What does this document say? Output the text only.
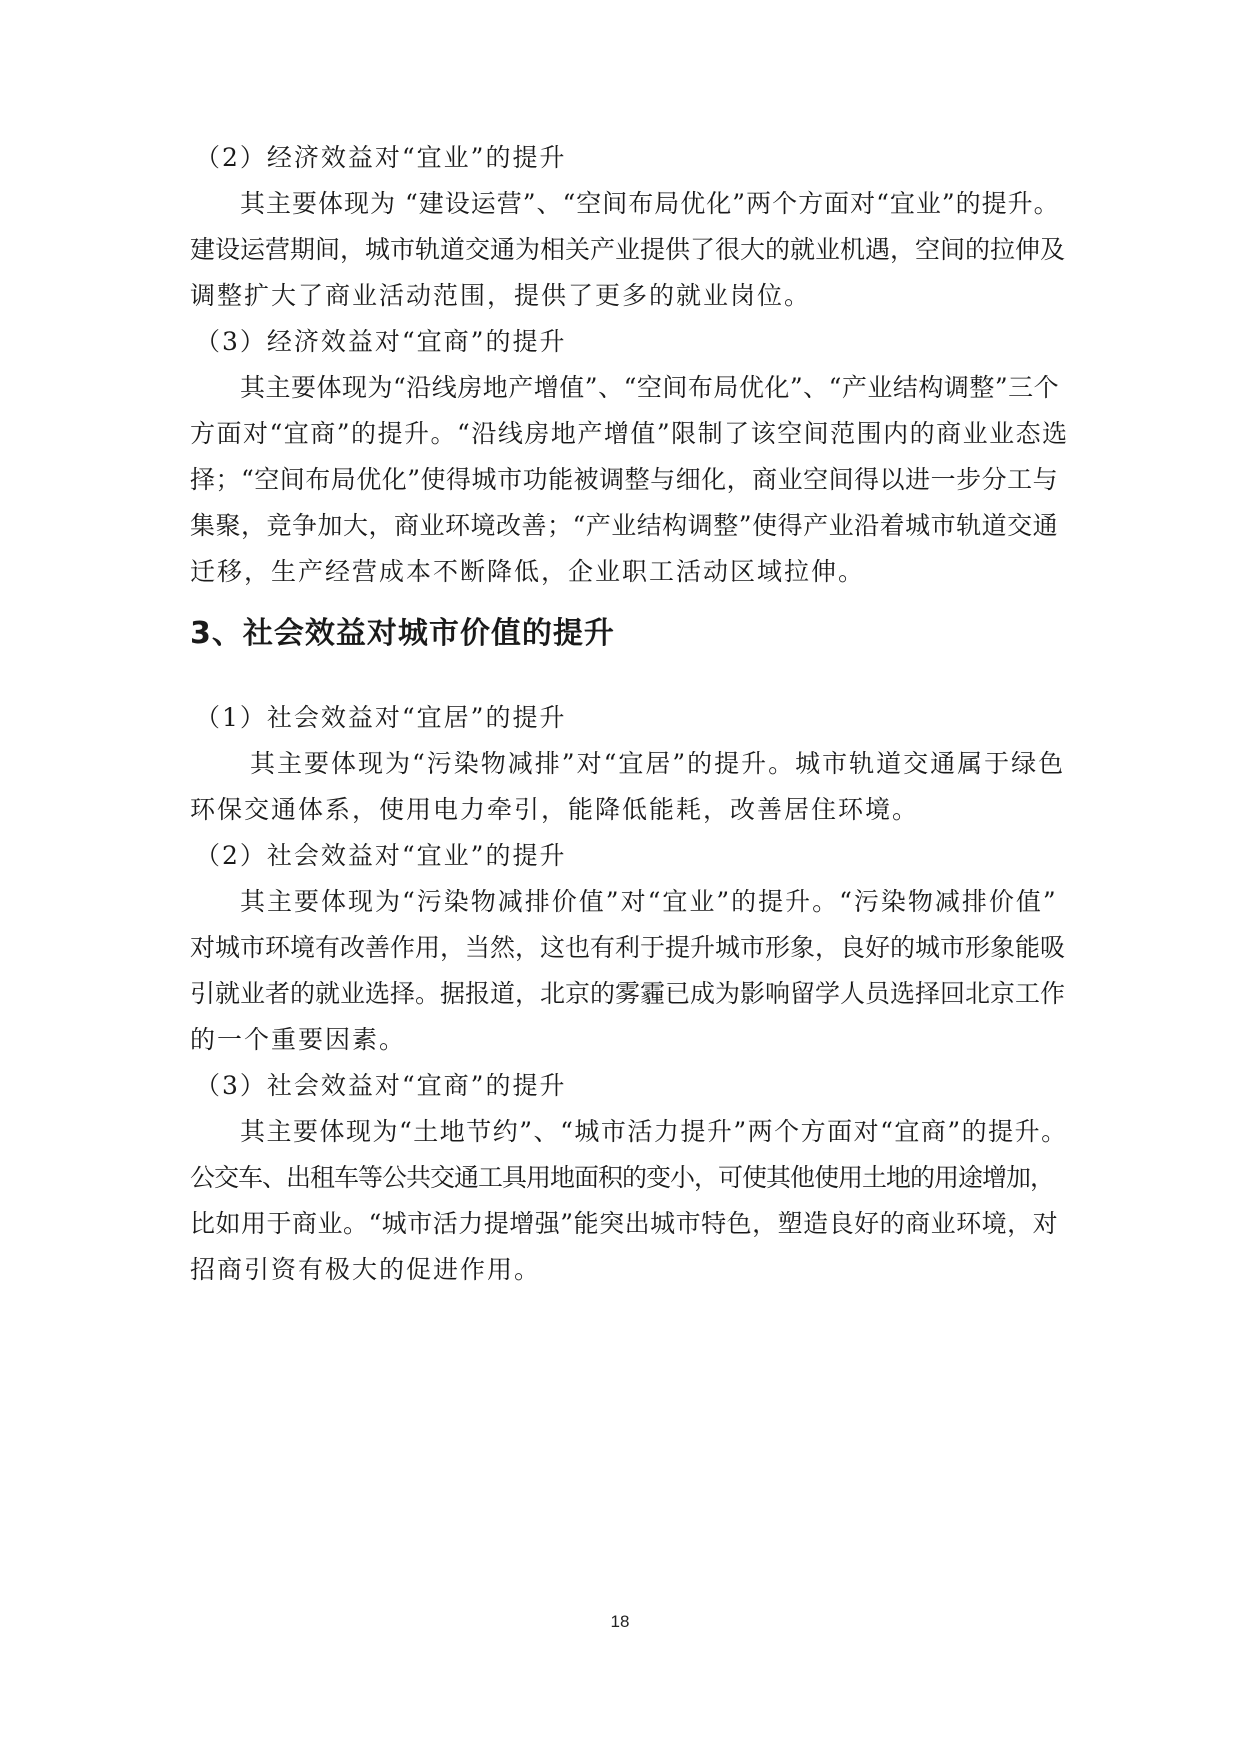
（2）经济效益对“宜业”的提升
其主要体现为 “建设运营”、“空间布局优化”两个方面对“宜业”的提升。
建设运营期间，城市轨道交通为相关产业提供了很大的就业机遇，空间的拉伸及
调整扩大了商业活动范围，提供了更多的就业岗位。
（3）经济效益对“宜商”的提升
其主要体现为“沿线房地产增值”、“空间布局优化”、“产业结构调整”三个
方面对“宜商”的提升。“沿线房地产增值”限制了该空间范围内的商业业态选
择；“空间布局优化”使得城市功能被调整与细化，商业空间得以进一步分工与
集聚，竞争加大，商业环境改善；“产业结构调整”使得产业沿着城市轨道交通
迁移，生产经营成本不断降低，企业职工活动区域拉伸。
3、社会效益对城市价值的提升
（1）社会效益对“宜居”的提升
其主要体现为“污染物减排”对“宜居”的提升。城市轨道交通属于绿色
环保交通体系，使用电力牵引，能降低能耗，改善居住环境。
（2）社会效益对“宜业”的提升
其主要体现为“污染物减排价值”对“宜业”的提升。“污染物减排价值”
对城市环境有改善作用，当然，这也有利于提升城市形象，良好的城市形象能吸
引就业者的就业选择。据报道，北京的雾霾已成为影响留学人员选择回北京工作
的一个重要因素。
（3）社会效益对“宜商”的提升
其主要体现为“土地节约”、“城市活力提升”两个方面对“宜商”的提升。
公交车、出租车等公共交通工具用地面积的变小，可使其他使用土地的用途增加，
比如用于商业。“城市活力提增强”能突出城市特色，塑造良好的商业环境，对
招商引资有极大的促进作用。
18
